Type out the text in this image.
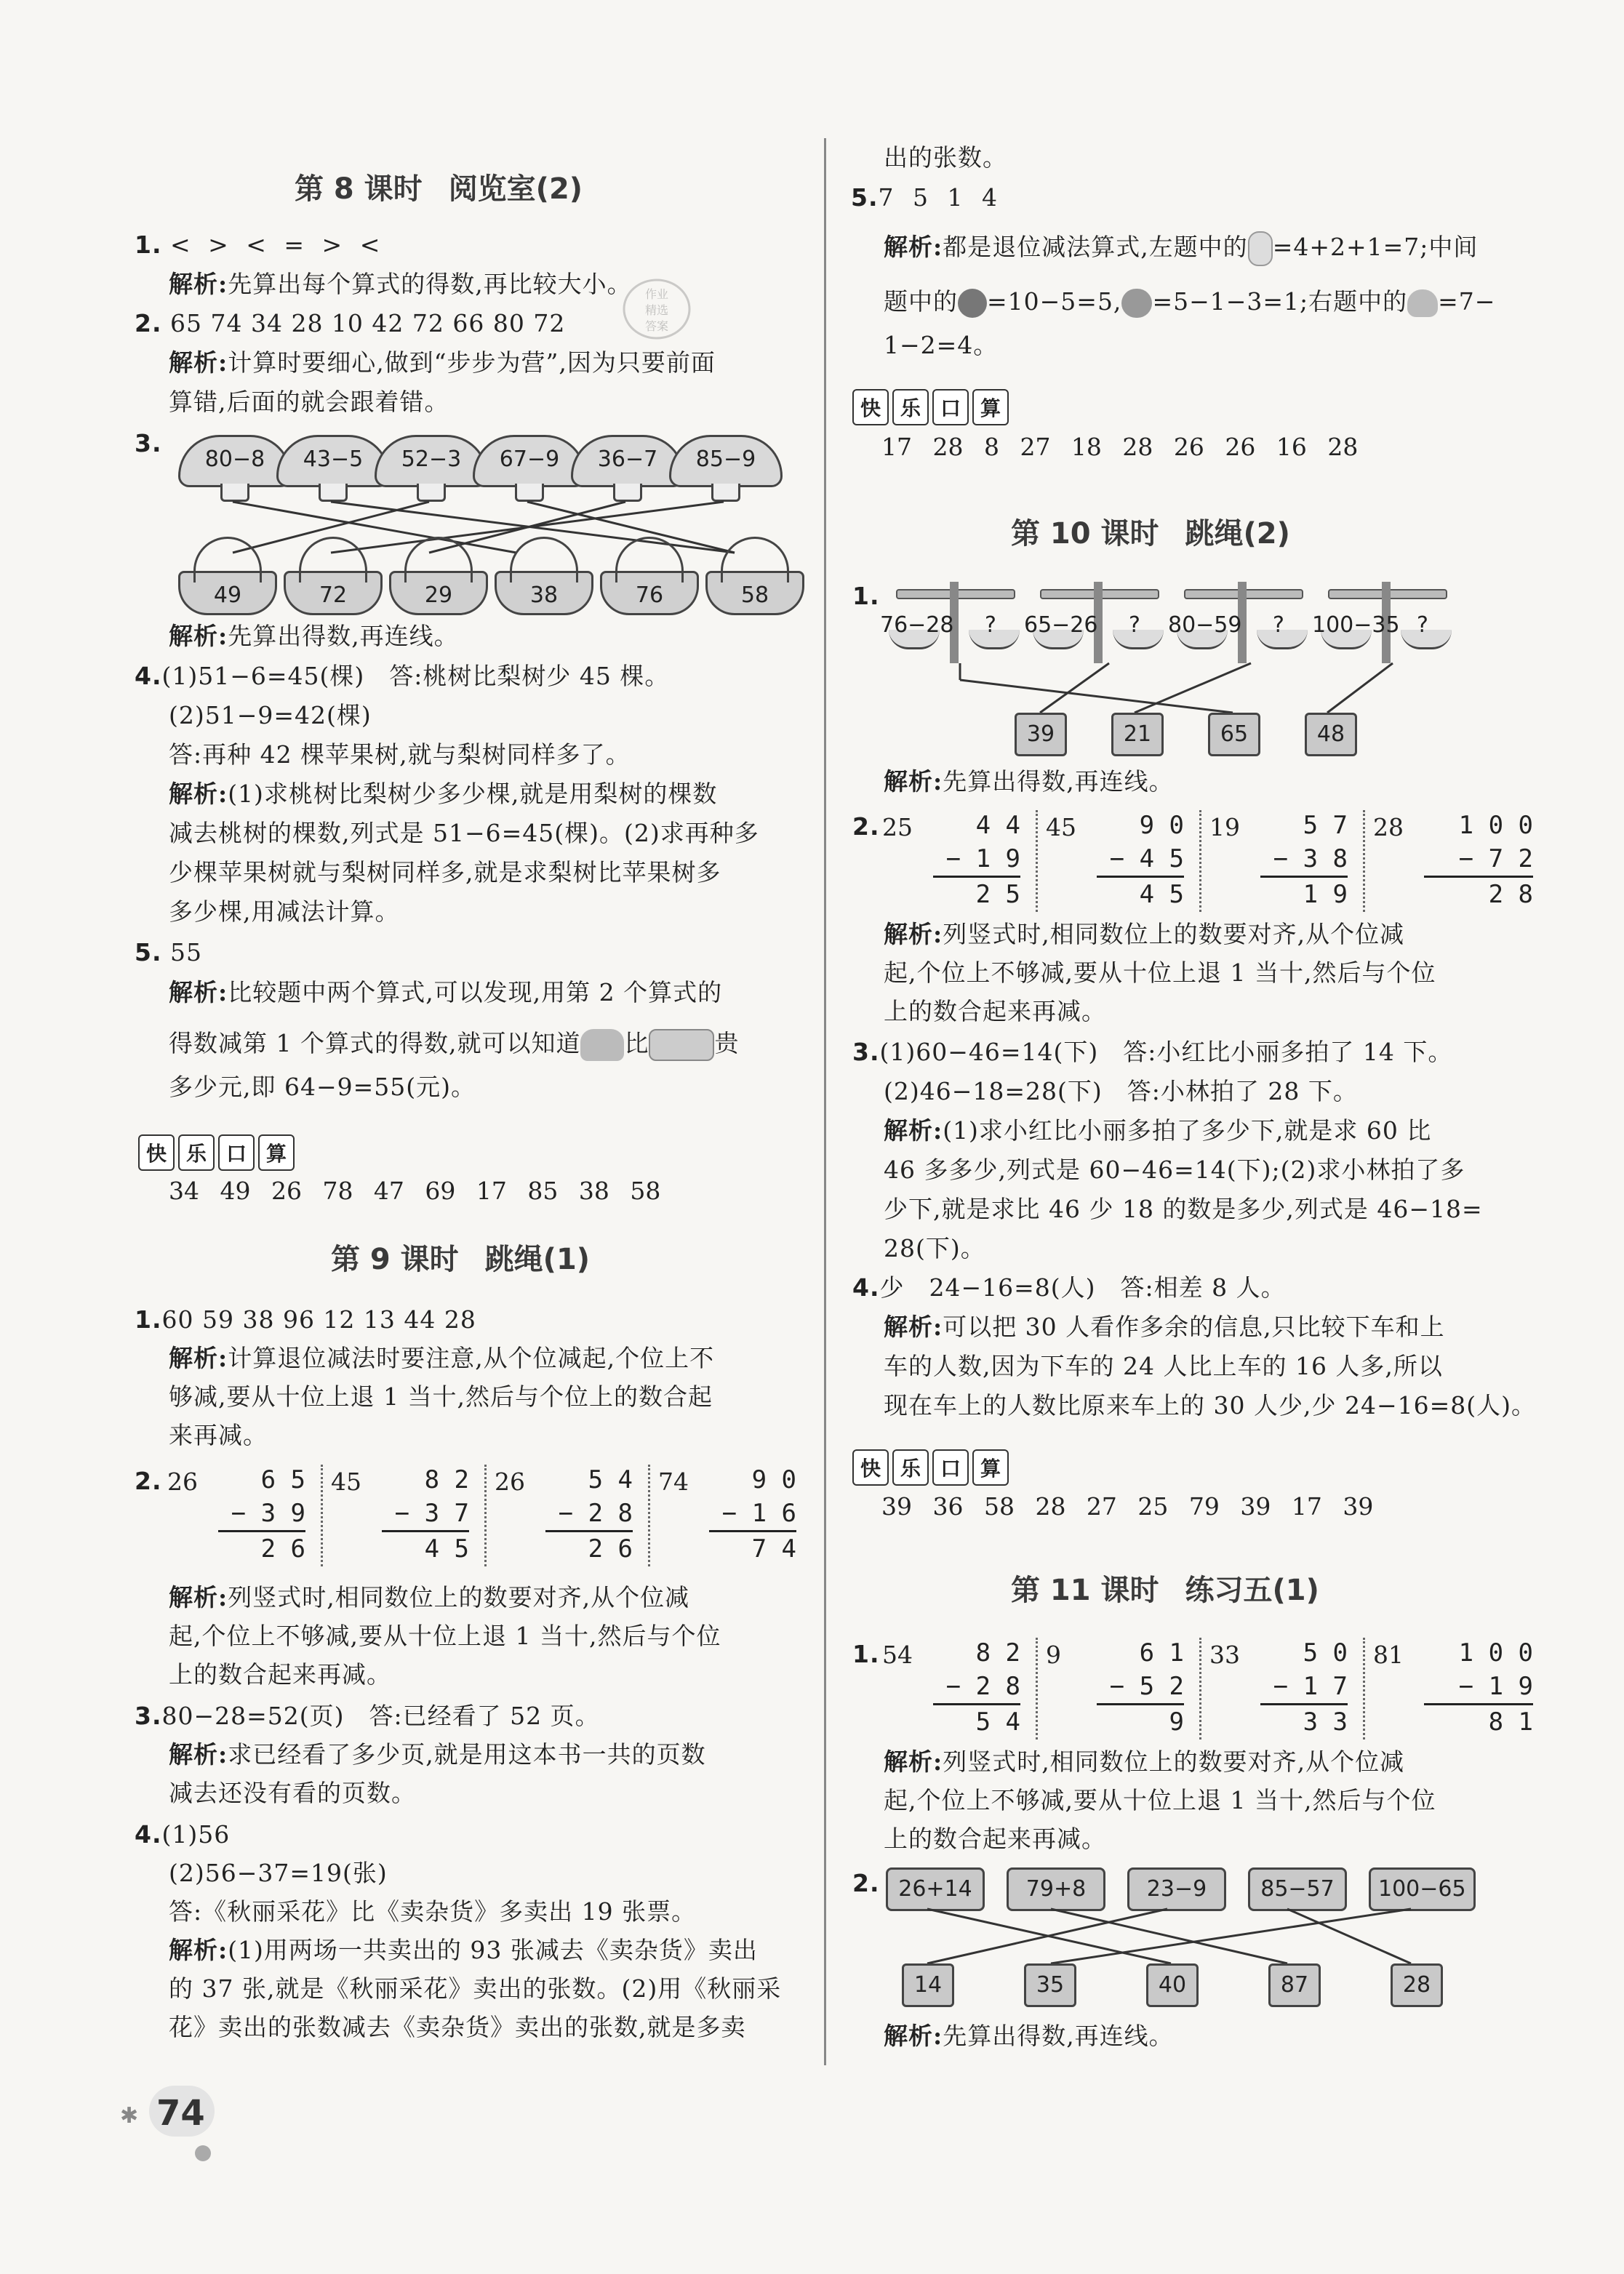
第 8 课时 阅览室(2)
1. < > < = > <
解析:先算出每个算式的得数,再比较大小。 作业
精选
答案
2. 65 74 34 28 10 42 72 66 80 72
解析:计算时要细心,做到“步步为营”,因为只要前面
算错,后面的就会跟着错。
3.
80−8	43−5	52−3	67−9	36−7	85−9
49	72	29	38	76	58
解析:先算出得数,再连线。
4.(1)51−6=45(棵)　答:桃树比梨树少 45 棵。
(2)51−9=42(棵)
答:再种 42 棵苹果树,就与梨树同样多了。
解析:(1)求桃树比梨树少多少棵,就是用梨树的棵数
减去桃树的棵数,列式是 51−6=45(棵)。(2)求再种多
少棵苹果树就与梨树同样多,就是求梨树比苹果树多
多少棵,用减法计算。
5. 55
解析:比较题中两个算式,可以发现,用第 2 个算式的
得数减第 1 个算式的得数,就可以知道 比	贵
多少元,即 64−9=55(元)。
快 乐 口 算
34 49 26 78 47 69 17 85 38 58
第 9 课时 跳绳(1)
1.60 59 38 96 12 13 44 28
解析:计算退位减法时要注意,从个位减起,个位上不
够减,要从十位上退 1 当十,然后与个位上的数合起
来再减。
2. 26	6 5
− 3 9
2 6
45	8 2
− 3 7
4 5
26	5 4
− 2 8
2 6
74	9 0
− 1 6
7 4
解析:列竖式时,相同数位上的数要对齐,从个位减
起,个位上不够减,要从十位上退 1 当十,然后与个位
上的数合起来再减。
3.80−28=52(页)　答:已经看了 52 页。
解析:求已经看了多少页,就是用这本书一共的页数
减去还没有看的页数。
4.(1)56
(2)56−37=19(张)
答:《秋丽采花》比《卖杂货》多卖出 19 张票。
解析:(1)用两场一共卖出的 93 张减去《卖杂货》卖出
的 37 张,就是《秋丽采花》卖出的张数。(2)用《秋丽采
花》卖出的张数减去《卖杂货》卖出的张数,就是多卖
出的张数。
5.7 5 1 4
解析:都是退位减法算式,左题中的 =4+2+1=7;中间
题中的 =10−5=5, =5−1−3=1;右题中的 =7−
1−2=4。
快 乐 口 算
17 28 8 27 18 28 26 26 16 28
第 10 课时 跳绳(2)
1.
76−28 ? 65−26 ? 80−59 ? 100−35 ?
39	21	65	48
解析:先算出得数,再连线。
2. 25	4 4
− 1 9
2 5
45	9 0
− 4 5
4 5
19	5 7
− 3 8
1 9
28	1 0 0
− 7 2
2 8
解析:列竖式时,相同数位上的数要对齐,从个位减
起,个位上不够减,要从十位上退 1 当十,然后与个位
上的数合起来再减。
3.(1)60−46=14(下)　答:小红比小丽多拍了 14 下。
(2)46−18=28(下)　答:小林拍了 28 下。
解析:(1)求小红比小丽多拍了多少下,就是求 60 比
46 多多少,列式是 60−46=14(下);(2)求小林拍了多
少下,就是求比 46 少 18 的数是多少,列式是 46−18=
28(下)。
4.少　24−16=8(人)　答:相差 8 人。
解析:可以把 30 人看作多余的信息,只比较下车和上
车的人数,因为下车的 24 人比上车的 16 人多,所以
现在车上的人数比原来车上的 30 人少,少 24−16=8(人)。
快 乐 口 算
39 36 58 28 27 25 79 39 17 39
第 11 课时 练习五(1)
1. 54	8 2
− 2 8
5 4
9	6 1
− 5 2
9
33	5 0
− 1 7
3 3
81	1 0 0
− 1 9
8 1
解析:列竖式时,相同数位上的数要对齐,从个位减
起,个位上不够减,要从十位上退 1 当十,然后与个位
上的数合起来再减。
2. 26+14	79+8	23−9	85−57	100−65
14	35	40	87	28
解析:先算出得数,再连线。
✱ 74
